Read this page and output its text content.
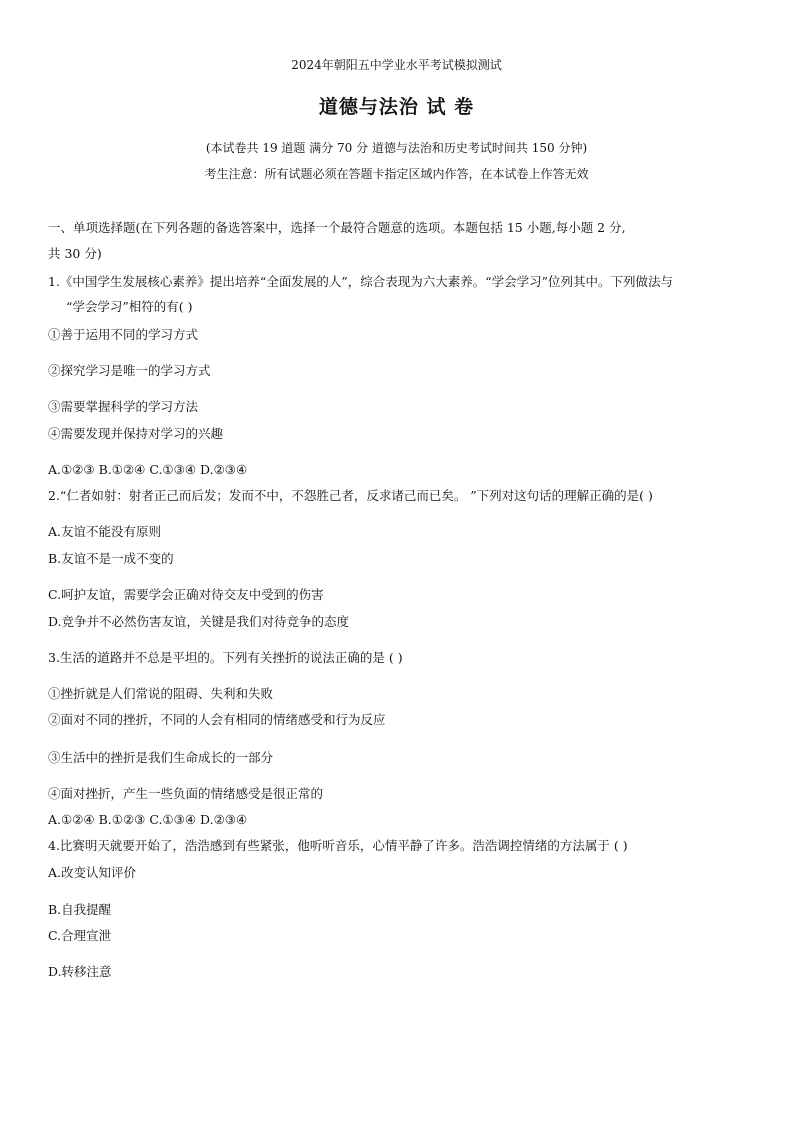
2024年朝阳五中学业水平考试模拟测试
道德与法治 试 卷
(本试卷共 19 道题 满分 70 分 道德与法治和历史考试时间共 150 分钟)
考生注意：所有试题必须在答题卡指定区域内作答，在本试卷上作答无效
一、单项选择题(在下列各题的备选答案中，选择一个最符合题意的选项。本题包括 15 小题,每小题 2 分,
共 30 分)
1.《中国学生发展核心素养》提出培养“全面发展的人”，综合表现为六大素养。“学会学习”位列其中。下列做法与
“学会学习”相符的有( )
①善于运用不同的学习方式
②探究学习是唯一的学习方式
③需要掌握科学的学习方法
④需要发现并保持对学习的兴趣
A.①②③ B.①②④ C.①③④ D.②③④
2.“仁者如射：射者正己而后发；发而不中，不怨胜己者，反求诸己而已矣。 ”下列对这句话的理解正确的是( )
A.友谊不能没有原则
B.友谊不是一成不变的
C.呵护友谊，需要学会正确对待交友中受到的伤害
D.竞争并不必然伤害友谊，关键是我们对待竞争的态度
3.生活的道路并不总是平坦的。下列有关挫折的说法正确的是 ( )
①挫折就是人们常说的阻碍、失利和失败
②面对不同的挫折，不同的人会有相同的情绪感受和行为反应
③生活中的挫折是我们生命成长的一部分
④面对挫折，产生一些负面的情绪感受是很正常的
A.①②④ B.①②③ C.①③④ D.②③④
4.比赛明天就要开始了，浩浩感到有些紧张，他听听音乐，心情平静了许多。浩浩调控情绪的方法属于 ( )
A.改变认知评价
B.自我提醒
C.合理宣泄
D.转移注意
